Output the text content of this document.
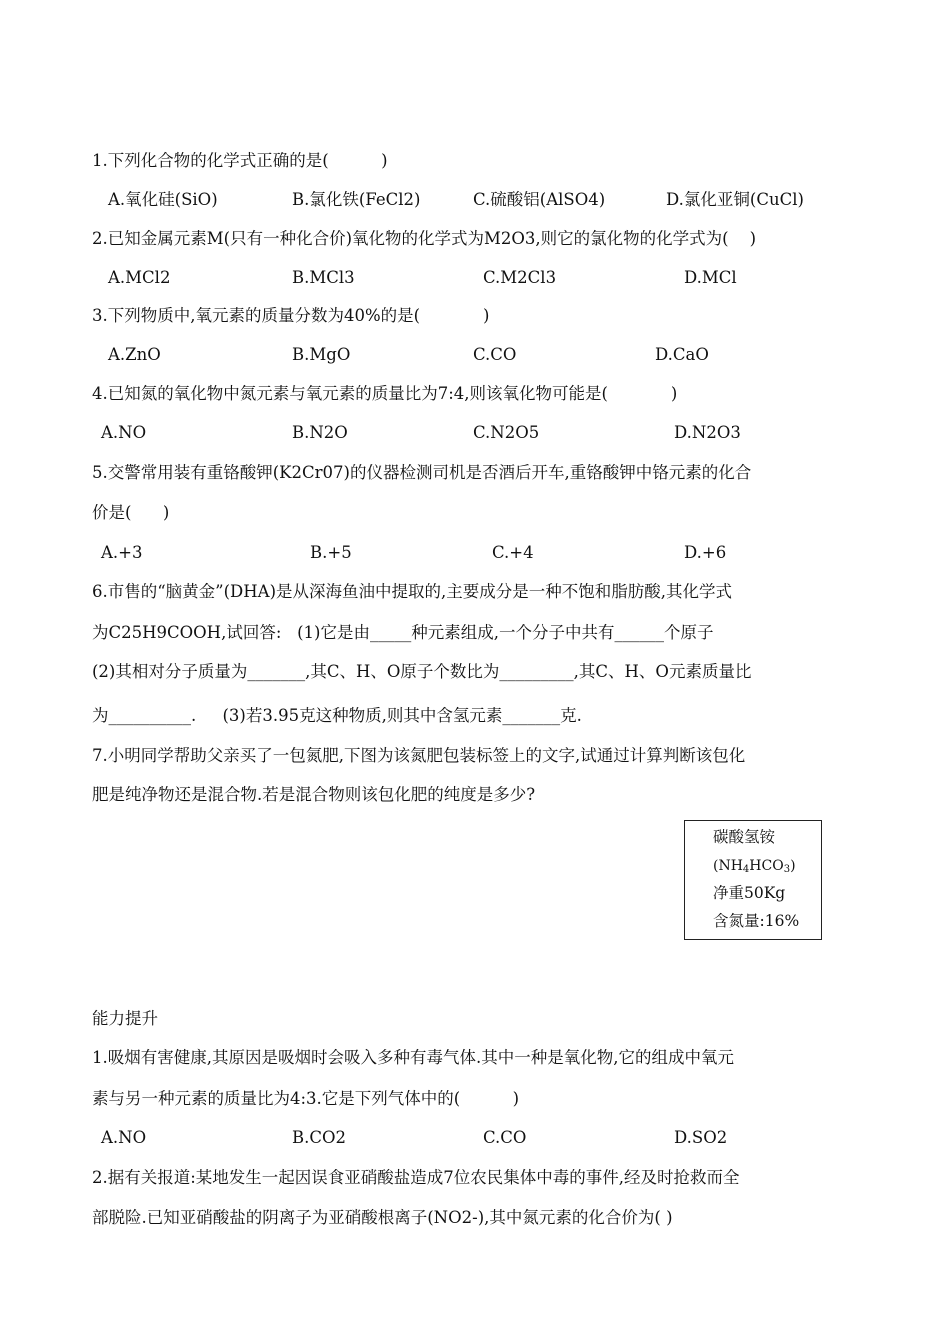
1.下列化合物的化学式正确的是(          )
A.氧化硅(SiO)	B.氯化铁(FeCl2)	C.硫酸铝(AlSO4)	D.氯化亚铜(CuCl)
2.已知金属元素M(只有一种化合价)氧化物的化学式为M2O3,则它的氯化物的化学式为(    )
A.MCl2	B.MCl3	C.M2Cl3	D.MCl
3.下列物质中,氧元素的质量分数为40%的是(            )
A.ZnO	B.MgO	C.CO	D.CaO
4.已知氮的氧化物中氮元素与氧元素的质量比为7:4,则该氧化物可能是(            )
A.NO	B.N2O	C.N2O5	D.N2O3
5.交警常用装有重铬酸钾(K2Cr07)的仪器检测司机是否酒后开车,重铬酸钾中铬元素的化合
价是(      )
A.+3	B.+5	C.+4	D.+6
6.市售的“脑黄金”(DHA)是从深海鱼油中提取的,主要成分是一种不饱和脂肪酸,其化学式
为C25H9COOH,试回答:   (1)它是由_____种元素组成,一个分子中共有______个原子
(2)其相对分子质量为_______,其C、H、O原子个数比为_________,其C、H、O元素质量比
为__________.     (3)若3.95克这种物质,则其中含氢元素_______克.
7.小明同学帮助父亲买了一包氮肥,下图为该氮肥包装标签上的文字,试通过计算判断该包化
肥是纯净物还是混合物.若是混合物则该包化肥的纯度是多少?
碳酸氢铵
$(NH_4HCO_3)$
净重50Kg
含氮量:16%
能力提升
1.吸烟有害健康,其原因是吸烟时会吸入多种有毒气体.其中一种是氧化物,它的组成中氧元
素与另一种元素的质量比为4:3.它是下列气体中的(          )
A.NO	B.CO2	C.CO	D.SO2
2.据有关报道:某地发生一起因误食亚硝酸盐造成7位农民集体中毒的事件,经及时抢救而全
部脱险.已知亚硝酸盐的阴离子为亚硝酸根离子(NO2-),其中氮元素的化合价为( )
